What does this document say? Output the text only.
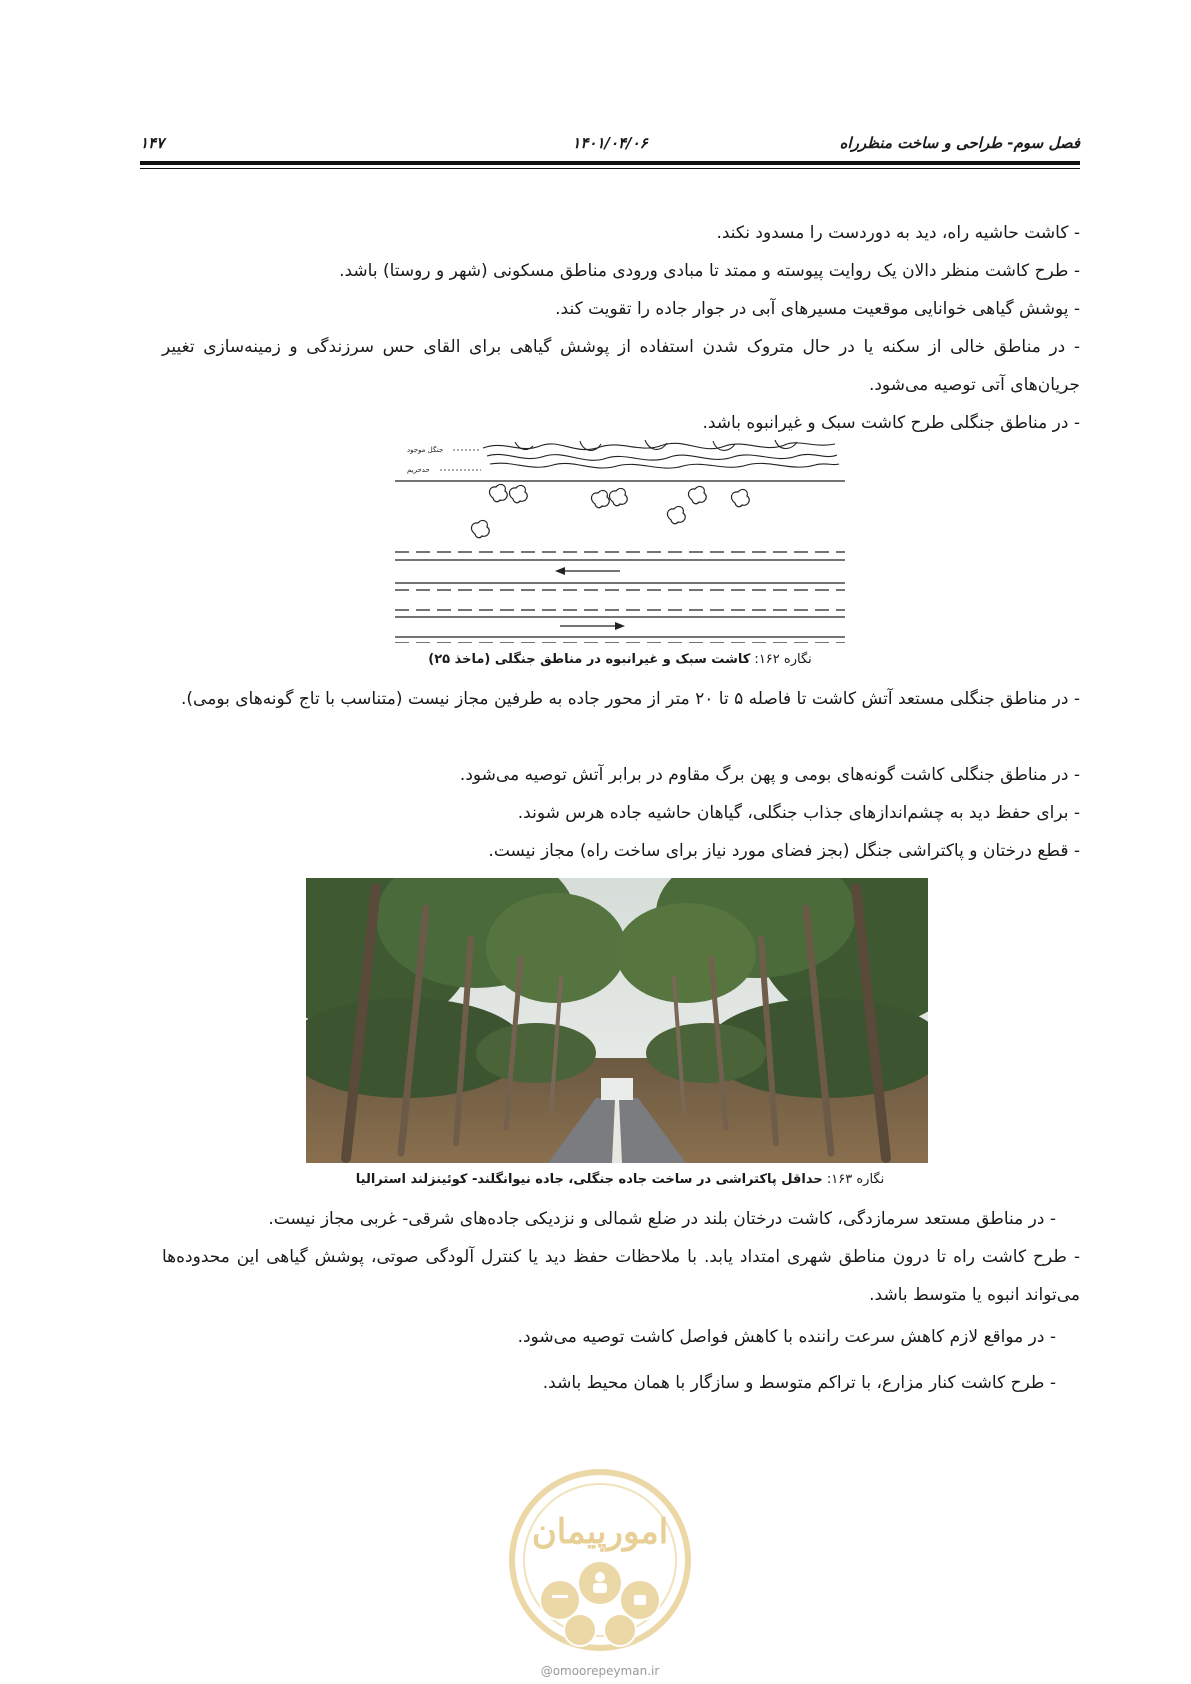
فصل سوم- طراحی و ساخت منظرراه
۱۴۰۱/۰۴/۰۶
۱۴۷
- کاشت حاشیه راه، دید به دوردست را مسدود نکند.
- طرح کاشت منظر دالان یک روایت پیوسته و ممتد تا مبادی ورودی مناطق مسکونی (شهر و روستا) باشد.
- پوشش گیاهی خوانایی موقعیت مسیرهای آبی در جوار جاده را تقویت کند.
- در مناطق خالی از سکنه یا در حال متروک شدن استفاده از پوشش گیاهی برای القای حس سرزندگی و زمینه‌سازی تغییر جریان‌های آتی توصیه می‌شود.
- در مناطق جنگلی طرح کاشت سبک و غیرانبوه باشد.
جنگل موجود
حدحریم
نگاره ۱۶۲: کاشت سبک و غیرانبوه در مناطق جنگلی (ماخذ ۲۵)
- در مناطق جنگلی مستعد آتش کاشت تا فاصله ۵ تا ۲۰ متر از محور جاده به طرفین مجاز نیست (متناسب با تاج گونه‌های بومی).
- در مناطق جنگلی کاشت گونه‌های بومی و پهن برگ مقاوم در برابر آتش توصیه می‌شود.
- برای حفظ دید به چشم‌اندازهای جذاب جنگلی، گیاهان حاشیه جاده هرس شوند.
- قطع درختان و پاکتراشی جنگل (بجز فضای مورد نیاز برای ساخت راه) مجاز نیست.
نگاره ۱۶۳: حداقل پاکتراشی در ساخت جاده جنگلی، جاده نیوانگلند- کوئینزلند استرالیا
- در مناطق مستعد سرمازدگی، کاشت درختان بلند در ضلع شمالی و نزدیکی جاده‌های شرقی- غربی مجاز نیست.
- طرح کاشت راه تا درون مناطق شهری امتداد یابد. با ملاحظات حفظ دید یا کنترل آلودگی صوتی، پوشش گیاهی این محدوده‌ها می‌تواند انبوه یا متوسط باشد.
- در مواقع لازم کاهش سرعت راننده با کاهش فواصل کاشت توصیه می‌شود.
- طرح کاشت کنار مزارع، با تراکم متوسط و سازگار با همان محیط باشد.
امورپیمان
@omoorepeyman.ir
